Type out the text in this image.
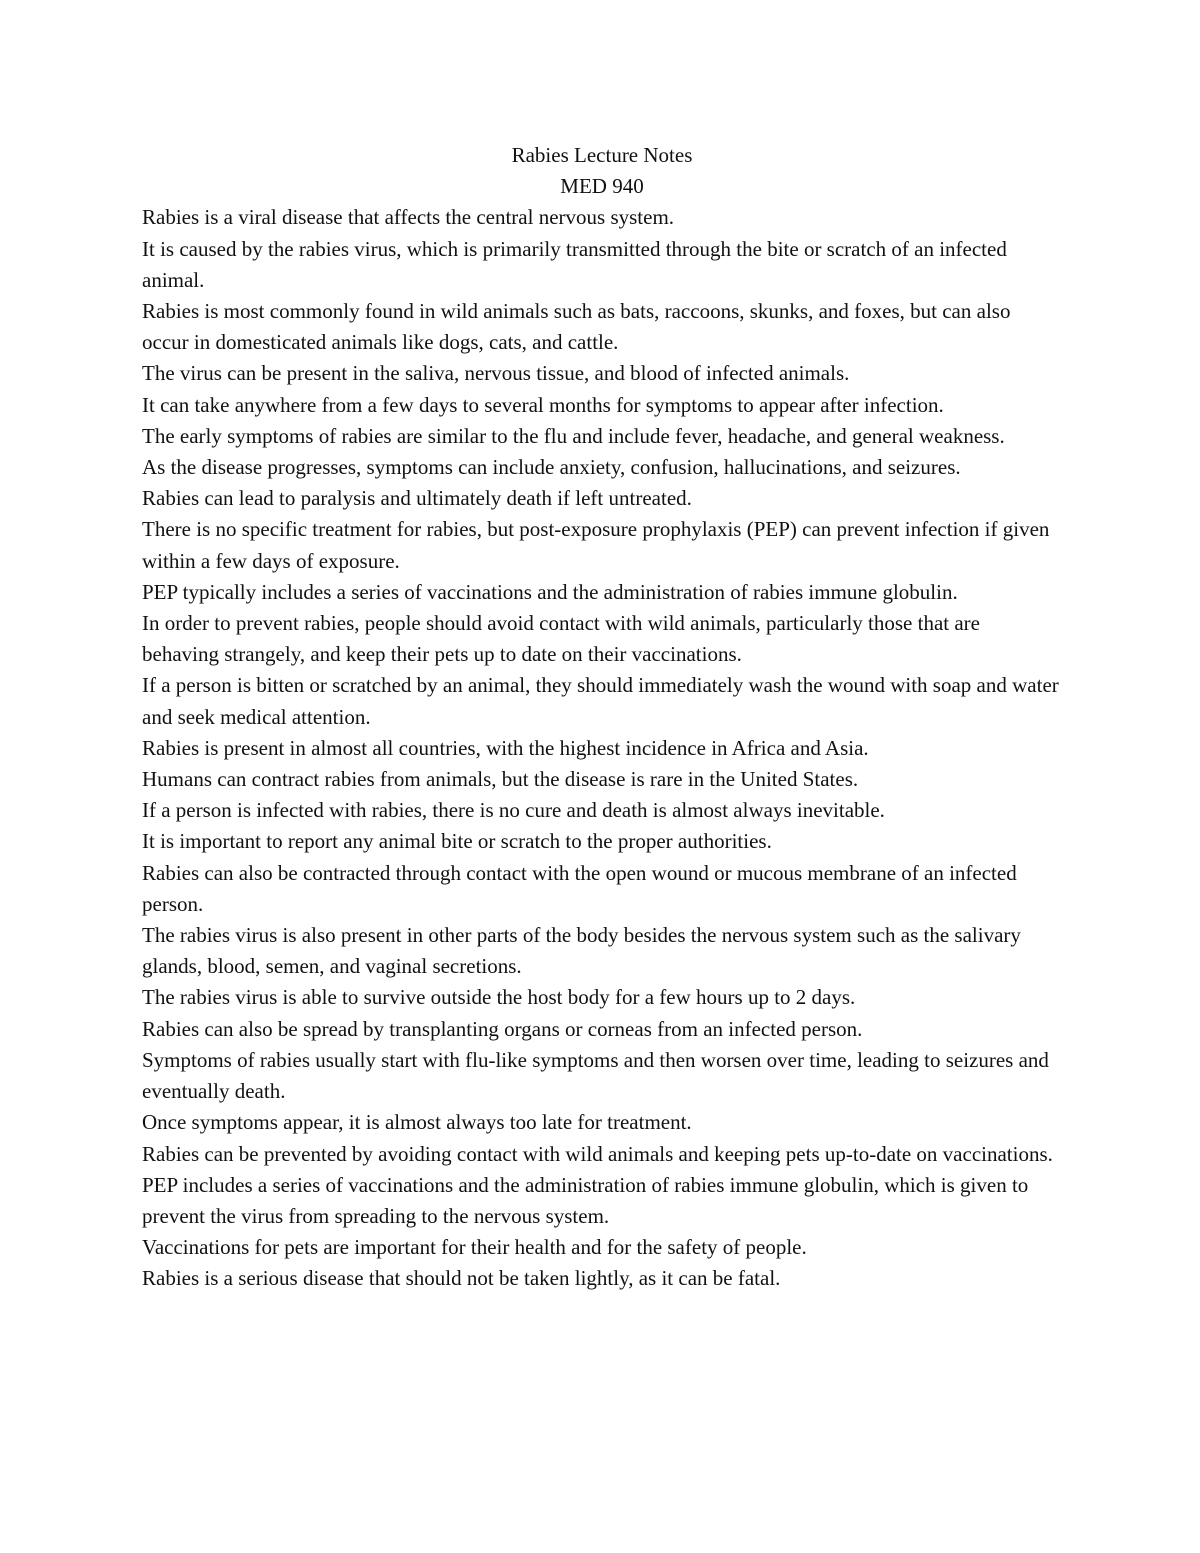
Rabies Lecture Notes

MED 940

Rabies is a viral disease that affects the central nervous system.

It is caused by the rabies virus, which is primarily transmitted through the bite or scratch of an infected animal.

Rabies is most commonly found in wild animals such as bats, raccoons, skunks, and foxes, but can also occur in domesticated animals like dogs, cats, and cattle.

The virus can be present in the saliva, nervous tissue, and blood of infected animals.

It can take anywhere from a few days to several months for symptoms to appear after infection.

The early symptoms of rabies are similar to the flu and include fever, headache, and general weakness.

As the disease progresses, symptoms can include anxiety, confusion, hallucinations, and seizures.

Rabies can lead to paralysis and ultimately death if left untreated.

There is no specific treatment for rabies, but post-exposure prophylaxis (PEP) can prevent infection if given within a few days of exposure.

PEP typically includes a series of vaccinations and the administration of rabies immune globulin.

In order to prevent rabies, people should avoid contact with wild animals, particularly those that are behaving strangely, and keep their pets up to date on their vaccinations.

If a person is bitten or scratched by an animal, they should immediately wash the wound with soap and water and seek medical attention.

Rabies is present in almost all countries, with the highest incidence in Africa and Asia.

Humans can contract rabies from animals, but the disease is rare in the United States.

If a person is infected with rabies, there is no cure and death is almost always inevitable.

It is important to report any animal bite or scratch to the proper authorities.

Rabies can also be contracted through contact with the open wound or mucous membrane of an infected person.

The rabies virus is also present in other parts of the body besides the nervous system such as the salivary glands, blood, semen, and vaginal secretions.

The rabies virus is able to survive outside the host body for a few hours up to 2 days.

Rabies can also be spread by transplanting organs or corneas from an infected person.

Symptoms of rabies usually start with flu-like symptoms and then worsen over time, leading to seizures and eventually death.

Once symptoms appear, it is almost always too late for treatment.

Rabies can be prevented by avoiding contact with wild animals and keeping pets up-to-date on vaccinations.

PEP includes a series of vaccinations and the administration of rabies immune globulin, which is given to prevent the virus from spreading to the nervous system.

Vaccinations for pets are important for their health and for the safety of people.

Rabies is a serious disease that should not be taken lightly, as it can be fatal.
